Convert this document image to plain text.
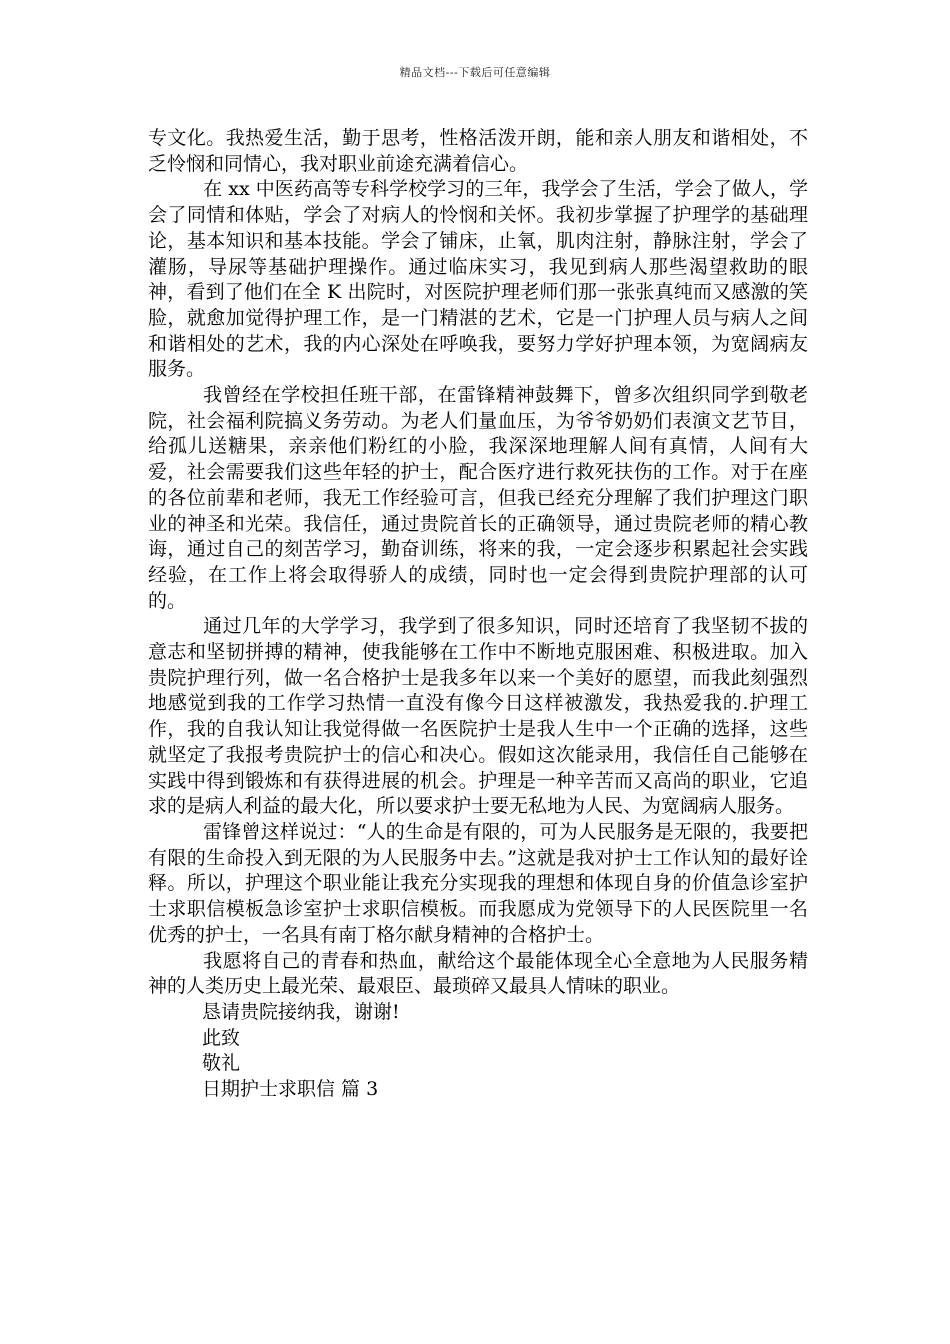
精品文档---下载后可任意编辑

专文化。我热爱生活，勤于思考，性格活泼开朗，能和亲人朋友和谐相处，不乏怜悯和同情心，我对职业前途充满着信心。

在 xx 中医药高等专科学校学习的三年，我学会了生活，学会了做人，学会了同情和体贴，学会了对病人的怜悯和关怀。我初步掌握了护理学的基础理论，基本知识和基本技能。学会了铺床，止氧，肌肉注射，静脉注射，学会了灌肠，导尿等基础护理操作。通过临床实习，我见到病人那些渴望救助的眼神，看到了他们在全 K 出院时，对医院护理老师们那一张张真纯而又感激的笑脸，就愈加觉得护理工作，是一门精湛的艺术，它是一门护理人员与病人之间和谐相处的艺术，我的内心深处在呼唤我，要努力学好护理本领，为宽阔病友服务。

我曾经在学校担任班干部，在雷锋精神鼓舞下，曾多次组织同学到敬老院，社会福利院搞义务劳动。为老人们量血压，为爷爷奶奶们表演文艺节目，给孤儿送糖果，亲亲他们粉红的小脸，我深深地理解人间有真情，人间有大爱，社会需要我们这些年轻的护士，配合医疗进行救死扶伤的工作。对于在座的各位前辈和老师，我无工作经验可言，但我已经充分理解了我们护理这门职业的神圣和光荣。我信任，通过贵院首长的正确领导，通过贵院老师的精心教诲，通过自己的刻苦学习，勤奋训练，将来的我，一定会逐步积累起社会实践经验，在工作上将会取得骄人的成绩，同时也一定会得到贵院护理部的认可的。

通过几年的大学学习，我学到了很多知识，同时还培育了我坚韧不拔的意志和坚韧拼搏的精神，使我能够在工作中不断地克服困难、积极进取。加入贵院护理行列，做一名合格护士是我多年以来一个美好的愿望，而我此刻强烈地感觉到我的工作学习热情一直没有像今日这样被激发，我热爱我的.护理工作，我的自我认知让我觉得做一名医院护士是我人生中一个正确的选择，这些就坚定了我报考贵院护士的信心和决心。假如这次能录用，我信任自己能够在实践中得到锻炼和有获得进展的机会。护理是一种辛苦而又高尚的职业，它追求的是病人利益的最大化，所以要求护士要无私地为人民、为宽阔病人服务。

雷锋曾这样说过：“人的生命是有限的，可为人民服务是无限的，我要把有限的生命投入到无限的为人民服务中去。”这就是我对护士工作认知的最好诠释。所以，护理这个职业能让我充分实现我的理想和体现自身的价值急诊室护士求职信模板急诊室护士求职信模板。而我愿成为党领导下的人民医院里一名优秀的护士，一名具有南丁格尔献身精神的合格护士。

我愿将自己的青春和热血，献给这个最能体现全心全意地为人民服务精神的人类历史上最光荣、最艰臣、最琐碎又最具人情味的职业。

恳请贵院接纳我，谢谢!

此致

敬礼

日期护士求职信 篇 3
